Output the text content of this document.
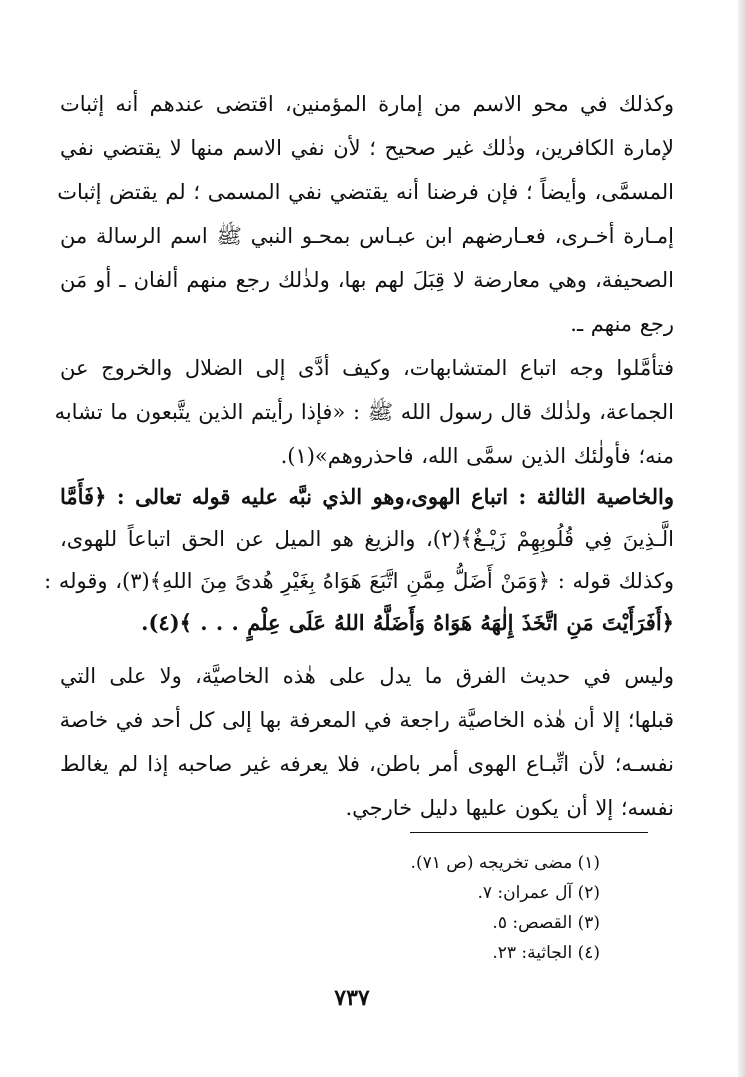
وكذلك في محو الاسم من إمارة المؤمنين، اقتضى عندهم أنه إثبات
لإمارة الكافرين، وذٰلك غير صحيح ؛ لأن نفي الاسم منها لا يقتضي نفي
المسمَّى، وأيضاً ؛ فإن فرضنا أنه يقتضي نفي المسمى ؛ لم يقتض إثبات
إمـارة أخـرى، فعـارضهم ابن عبـاس بمحـو النبي ﷺ اسم الرسالة من
الصحيفة، وهي معارضة لا قِبَلَ لهم بها، ولذٰلك رجع منهم ألفان ـ أو مَن
رجع منهم ـ.
فتأمَّلوا وجه اتباع المتشابهات، وكيف أدَّى إلى الضلال والخروج عن
الجماعة، ولذٰلك قال رسول الله ﷺ : «فإذا رأيتم الذين يتَّبعون ما تشابه
منه؛ فأولٰئك الذين سمَّى الله، فاحذروهم»(١).
والخاصية الثالثة : اتباع الهوى،وهو الذي نبَّه عليه قوله تعالى : ﴿فَأَمَّا
الَّـذِينَ فِي قُلُوبِهِمْ زَيْـغٌ﴾(٢)، والزيغ هو الميل عن الحق اتباعاً للهوى،
وكذلك قوله : ﴿وَمَنْ أَضَلُّ مِمَّنِ اتَّبَعَ هَوَاهُ بِغَيْرِ هُدىً مِنَ اللهِ﴾(٣)، وقوله :
﴿أَفَرَأَيْتَ مَنِ اتَّخَذَ إِلٰهَهُ هَوَاهُ وَأَضَلَّهُ اللهُ عَلَى عِلْمٍ . . . ﴾(٤).
وليس في حديث الفرق ما يدل على هٰذه الخاصيَّة، ولا على التي
قبلها؛ إلا أن هٰذه الخاصيَّة راجعة في المعرفة بها إلى كل أحد في خاصة
نفسـه؛ لأن اتِّبـاع الهوى أمر باطن، فلا يعرفه غير صاحبه إذا لم يغالط
نفسه؛ إلا أن يكون عليها دليل خارجي.
(١) مضى تخريجه (ص ٧١).
(٢) آل عمران: ٧.
(٣) القصص: ٥.
(٤) الجاثية: ٢٣.
٧٣٧
